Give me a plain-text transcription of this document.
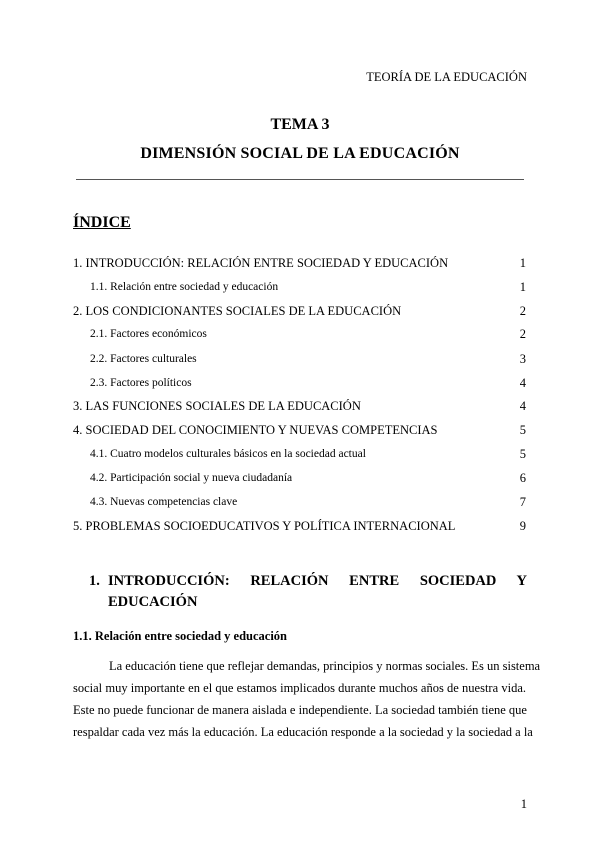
TEORÍA DE LA EDUCACIÓN
TEMA 3
DIMENSIÓN SOCIAL DE LA EDUCACIÓN
ÍNDICE
1. INTRODUCCIÓN: RELACIÓN ENTRE SOCIEDAD Y EDUCACIÓN	1
1.1. Relación entre sociedad y educación	1
2. LOS CONDICIONANTES SOCIALES DE LA EDUCACIÓN	2
2.1. Factores económicos	2
2.2. Factores culturales	3
2.3. Factores políticos	4
3. LAS FUNCIONES SOCIALES DE LA EDUCACIÓN	4
4. SOCIEDAD DEL CONOCIMIENTO Y NUEVAS COMPETENCIAS	5
4.1. Cuatro modelos culturales básicos en la sociedad actual	5
4.2. Participación social y nueva ciudadanía	6
4.3. Nuevas competencias clave	7
5. PROBLEMAS SOCIOEDUCATIVOS Y POLÍTICA INTERNACIONAL	9
1. INTRODUCCIÓN: RELACIÓN ENTRE SOCIEDAD Y
EDUCACIÓN
1.1. Relación entre sociedad y educación
La educación tiene que reflejar demandas, principios y normas sociales. Es un sistema
social muy importante en el que estamos implicados durante muchos años de nuestra vida.
Este no puede funcionar de manera aislada e independiente. La sociedad también tiene que
respaldar cada vez más la educación. La educación responde a la sociedad y la sociedad a la
1
